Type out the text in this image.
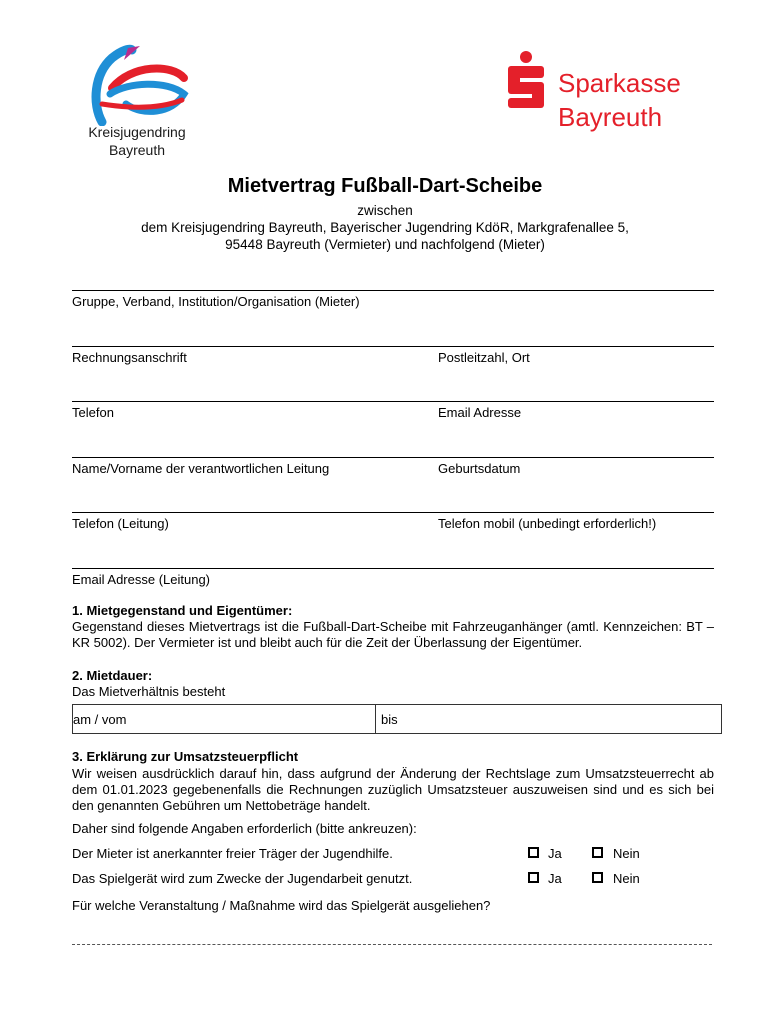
Kreisjugendring
Bayreuth
Sparkasse
Bayreuth
Mietvertrag Fußball-Dart-Scheibe
zwischen
dem Kreisjugendring Bayreuth, Bayerischer Jugendring KdöR, Markgrafenallee 5,
95448 Bayreuth (Vermieter) und nachfolgend (Mieter)
Gruppe, Verband, Institution/Organisation (Mieter)
Rechnungsanschrift	Postleitzahl, Ort
Telefon	Email Adresse
Name/Vorname der verantwortlichen Leitung	Geburtsdatum
Telefon (Leitung)	Telefon mobil (unbedingt erforderlich!)
Email Adresse (Leitung)
1. Mietgegenstand und Eigentümer:
Gegenstand dieses Mietvertrags ist die Fußball-Dart-Scheibe mit Fahrzeuganhänger (amtl. Kennzeichen: BT – KR 5002). Der Vermieter ist und bleibt auch für die Zeit der Überlassung der Eigentümer.
2. Mietdauer:
Das Mietverhältnis besteht
am / vom	bis
3. Erklärung zur Umsatzsteuerpflicht
Wir weisen ausdrücklich darauf hin, dass aufgrund der Änderung der Rechtslage zum Umsatzsteuerrecht ab dem 01.01.2023 gegebenenfalls die Rechnungen zuzüglich Umsatzsteuer auszuweisen sind und es sich bei den genannten Gebühren um Nettobeträge handelt.
Daher sind folgende Angaben erforderlich (bitte ankreuzen):
Der Mieter ist anerkannter freier Träger der Jugendhilfe.	Ja	Nein
Das Spielgerät wird zum Zwecke der Jugendarbeit genutzt.	Ja	Nein
Für welche Veranstaltung / Maßnahme wird das Spielgerät ausgeliehen?
